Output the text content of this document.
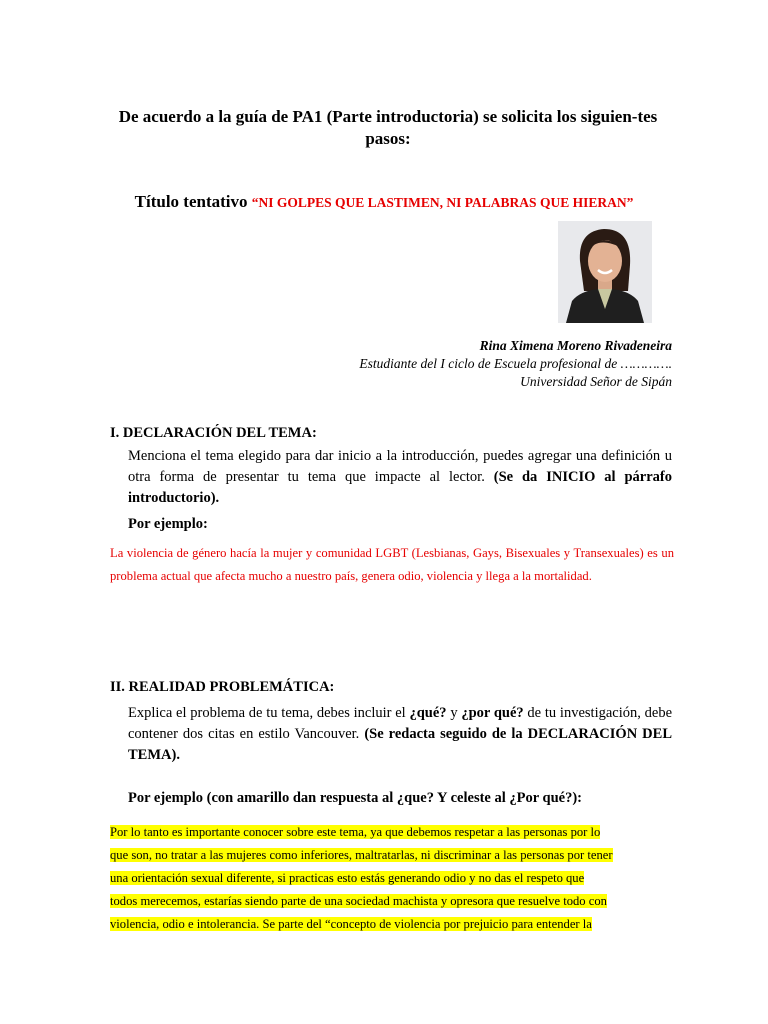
De acuerdo a la guía de PA1 (Parte introductoria) se solicita los siguien-tes pasos:
Título tentativo “NI GOLPES QUE LASTIMEN, NI PALABRAS QUE HIERAN”
Rina Ximena Moreno Rivadeneira
Estudiante del I ciclo de Escuela profesional de ………….
Universidad Señor de Sipán
I. DECLARACIÓN DEL TEMA:
Menciona el tema elegido para dar inicio a la introducción, puedes agregar una definición u otra forma de presentar tu tema que impacte al lector. (Se da INICIO al párrafo introductorio).
Por ejemplo:
La violencia de género hacía la mujer y comunidad LGBT (Lesbianas, Gays, Bisexuales y Transexuales) es un problema actual que afecta mucho a nuestro país, genera odio, violencia y llega a la mortalidad.
II. REALIDAD PROBLEMÁTICA:
Explica el problema de tu tema, debes incluir el ¿qué? y ¿por qué? de tu investigación, debe contener dos citas en estilo Vancouver. (Se redacta seguido de la DECLARACIÓN DEL TEMA).
Por ejemplo (con amarillo dan respuesta al ¿que? Y celeste al ¿Por qué?):
Por lo tanto es importante conocer sobre este tema, ya que debemos respetar a las personas por lo
que son, no tratar a las mujeres como inferiores, maltratarlas, ni discriminar a las personas por tener
una orientación sexual diferente, si practicas esto estás generando odio y no das el respeto que
todos merecemos, estarías siendo parte de una sociedad machista y opresora que resuelve todo con
violencia, odio e intolerancia. Se parte del “concepto de violencia por prejuicio para entender la
